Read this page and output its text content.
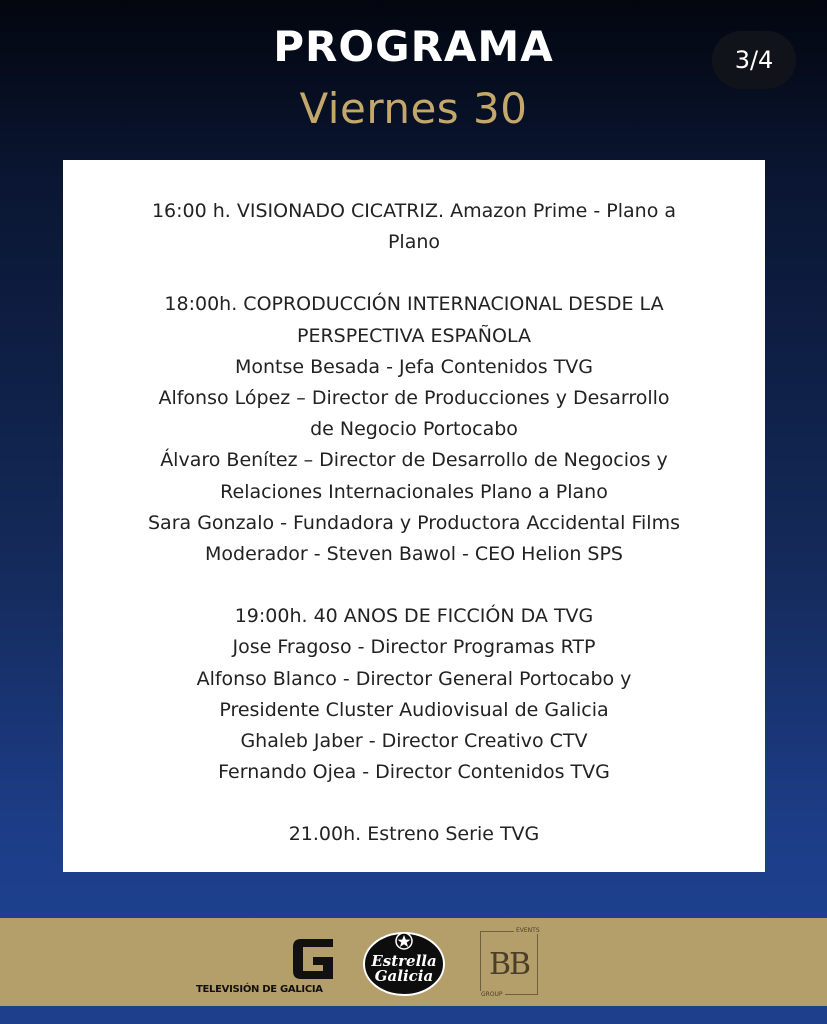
PROGRAMA
Viernes 30
3/4
16:00 h. VISIONADO CICATRIZ. Amazon Prime - Plano a
Plano
18:00h. COPRODUCCIÓN INTERNACIONAL DESDE LA
PERSPECTIVA ESPAÑOLA
Montse Besada - Jefa Contenidos TVG
Alfonso López – Director de Producciones y Desarrollo
de Negocio Portocabo
Álvaro Benítez – Director de Desarrollo de Negocios y
Relaciones Internacionales Plano a Plano
Sara Gonzalo - Fundadora y Productora Accidental Films
Moderador - Steven Bawol - CEO Helion SPS
19:00h. 40 ANOS DE FICCIÓN DA TVG
Jose Fragoso - Director Programas RTP
Alfonso Blanco - Director General Portocabo y
Presidente Cluster Audiovisual de Galicia
Ghaleb Jaber - Director Creativo CTV
Fernando Ojea - Director Contenidos TVG
21.00h. Estreno Serie TVG
TELEVISIÓN DE GALICIA
Estrella
Galicia
EVENTS
BB
GROUP
